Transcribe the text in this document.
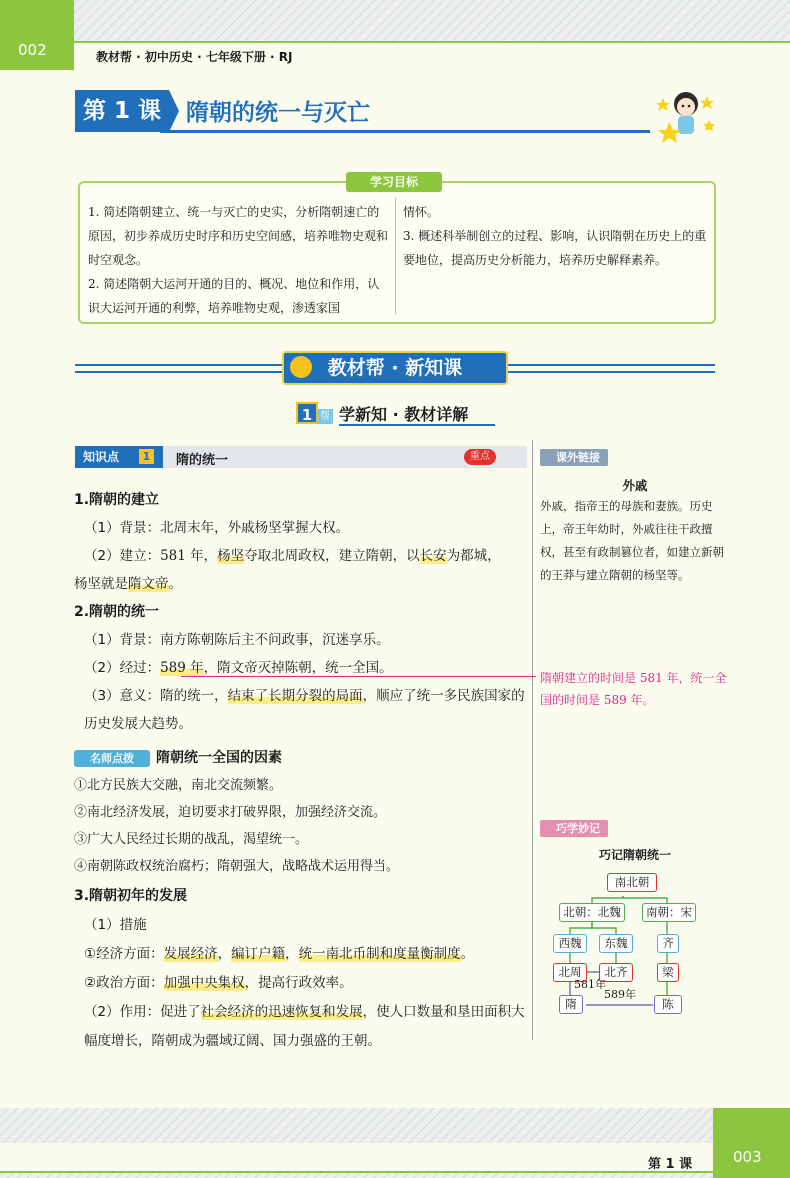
002	教材帮 · 初中历史 · 七年级下册 · RJ
第 1 课	隋朝的统一与灭亡
学习目标
1. 简述隋朝建立、统一与灭亡的史实，分析隋朝速亡的原因，初步养成历史时序和历史空间感，培养唯物史观和时空观念。
2. 简述隋朝大运河开通的目的、概况、地位和作用，认识大运河开通的利弊，培养唯物史观，渗透家国
情怀。
3. 概述科举制创立的过程、影响，认识隋朝在历史上的重要地位，提高历史分析能力，培养历史解释素养。
教材帮 · 新知课
1 帮 学新知 · 教材详解
知识点	1 隋的统一	重点
1.隋朝的建立
（1）背景：北周末年，外戚杨坚掌握大权。
（2）建立：581 年，杨坚夺取北周政权，建立隋朝，以长安为都城，
杨坚就是隋文帝。
2.隋朝的统一
（1）背景：南方陈朝陈后主不问政事，沉迷享乐。
（2）经过：589 年，隋文帝灭掉陈朝，统一全国。
（3）意义：隋的统一，结束了长期分裂的局面，顺应了统一多民族国家的历史发展大趋势。
名师点拨 隋朝统一全国的因素
①北方民族大交融，南北交流频繁。
②南北经济发展，迫切要求打破界限，加强经济交流。
③广大人民经过长期的战乱，渴望统一。
④南朝陈政权统治腐朽；隋朝强大，战略战术运用得当。
3.隋朝初年的发展
（1）措施
①经济方面：发展经济，编订户籍，统一南北币制和度量衡制度。
②政治方面：加强中央集权，提高行政效率。
（2）作用：促进了社会经济的迅速恢复和发展，使人口数量和垦田面积大幅度增长，隋朝成为疆域辽阔、国力强盛的王朝。
课外链接
外戚
外戚，指帝王的母族和妻族。历史上，帝王年幼时，外戚往往干政擅权，甚至有政制篡位者，如建立新朝的王莽与建立隋朝的杨坚等。
隋朝建立的时间是 581 年，统一全国的时间是 589 年。
巧学妙记
巧记隋朝统一
南北朝
北朝：北魏	南朝：宋
西魏	东魏	齐
北周	北齐	梁
隋	陈
581年
589年
第 1 课	003
